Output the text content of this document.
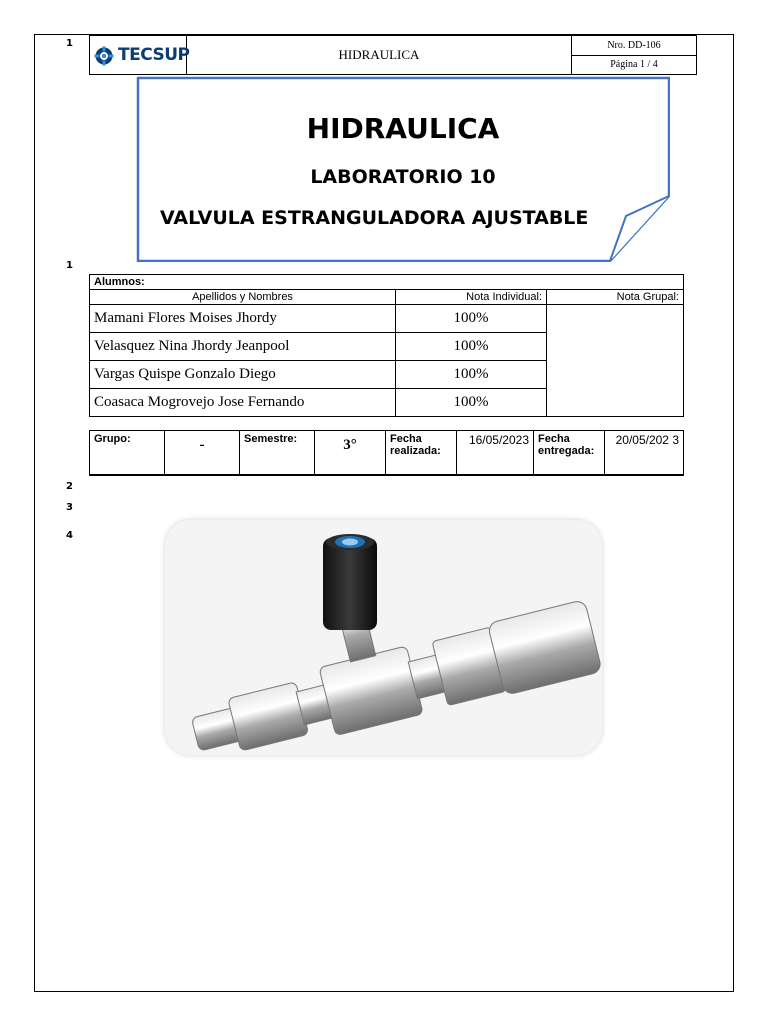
1
1
2
3
4
TECSUP	HIDRAULICA	Nro. DD-106
Página 1 / 4
HIDRAULICA
LABORATORIO 10
VALVULA ESTRANGULADORA AJUSTABLE
Alumnos:		
Apellidos y Nombres	Nota Individual:	Nota Grupal:
Mamani Flores Moises Jhordy	100%	
Velasquez Nina Jhordy Jeanpool	100%	
Vargas Quispe Gonzalo Diego	100%	
Coasaca Mogrovejo Jose Fernando	100%	
Grupo:	-	Semestre:	3°	Fecha realizada:	16/05/2023	Fecha entregada:	20/05/202 3
